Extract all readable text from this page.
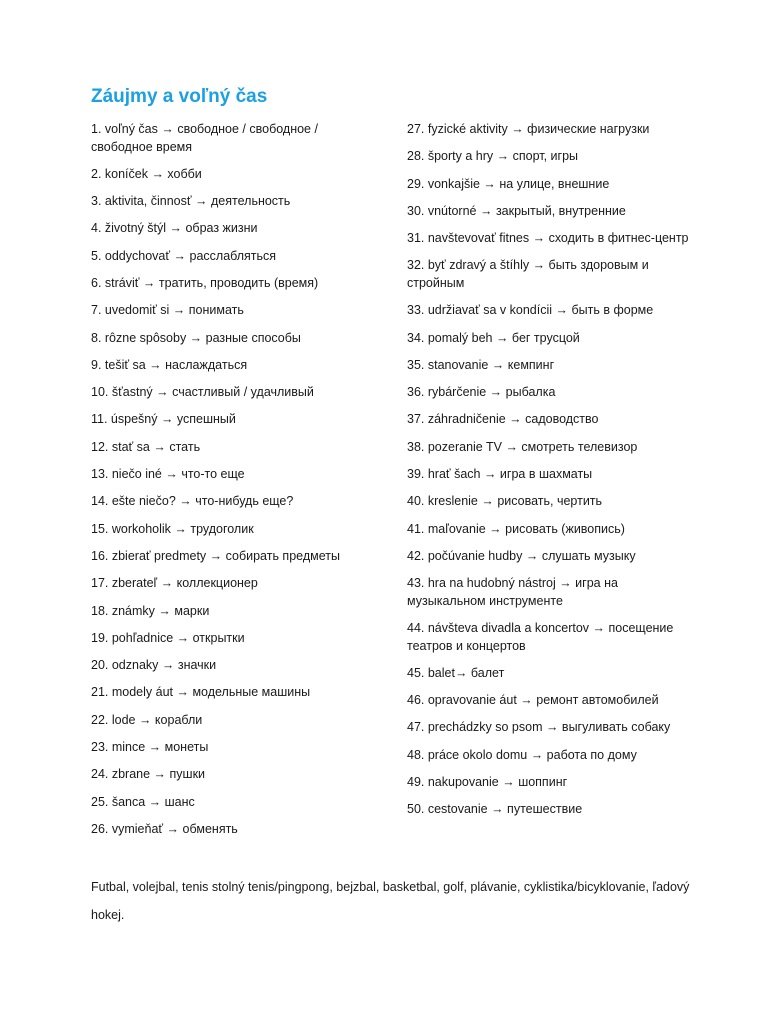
Záujmy a voľný čas
1. voľný čas → свободное / свободное / свободное время
2. koníček → хобби
3. aktivita, činnosť → деятельность
4. životný štýl → образ жизни
5. oddychovať → расслабляться
6. stráviť → тратить, проводить (время)
7. uvedomiť si → понимать
8. rôzne spôsoby → разные способы
9. tešiť sa → наслаждаться
10. šťastný → счастливый / удачливый
11. úspešný → успешный
12. stať sa → стать
13. niečo iné → что-то еще
14. ešte niečo? → что-нибудь еще?
15. workoholik → трудоголик
16. zbierať predmety → собирать предметы
17. zberateľ → коллекционер
18. známky → марки
19. pohľadnice → открытки
20. odznaky → значки
21. modely áut → модельные машины
22. lode → корабли
23. mince → монеты
24. zbrane → пушки
25. šanca → шанс
26. vymieňať → обменять
27. fyzické aktivity → физические нагрузки
28. športy a hry → спорт, игры
29. vonkajšie → на улице, внешние
30. vnútorné → закрытый, внутренние
31. navštevovať fitnes → сходить в фитнес-центр
32. byť zdravý a štíhly → быть здоровым и стройным
33. udržiavať sa v kondícii → быть в форме
34. pomalý beh → бег трусцой
35. stanovanie → кемпинг
36. rybárčenie → рыбалка
37. záhradničenie → садоводство
38. pozeranie TV → смотреть телевизор
39. hrať šach → игра в шахматы
40. kreslenie → рисовать, чертить
41. maľovanie → рисовать (живопись)
42. počúvanie hudby → слушать музыку
43. hra na hudobný nástroj → игра на музыкальном инструменте
44. návšteva divadla a koncertov → посещение театров и концертов
45. balet→ балет
46. opravovanie áut → ремонт автомобилей
47. prechádzky so psom → выгуливать собаку
48. práce okolo domu → работа по дому
49. nakupovanie → шоппинг
50. cestovanie → путешествие

Futbal, volejbal, tenis stolný tenis/pingpong, bejzbal, basketbal, golf, plávanie, cyklistika/bicyklovanie, ľadový hokej.
